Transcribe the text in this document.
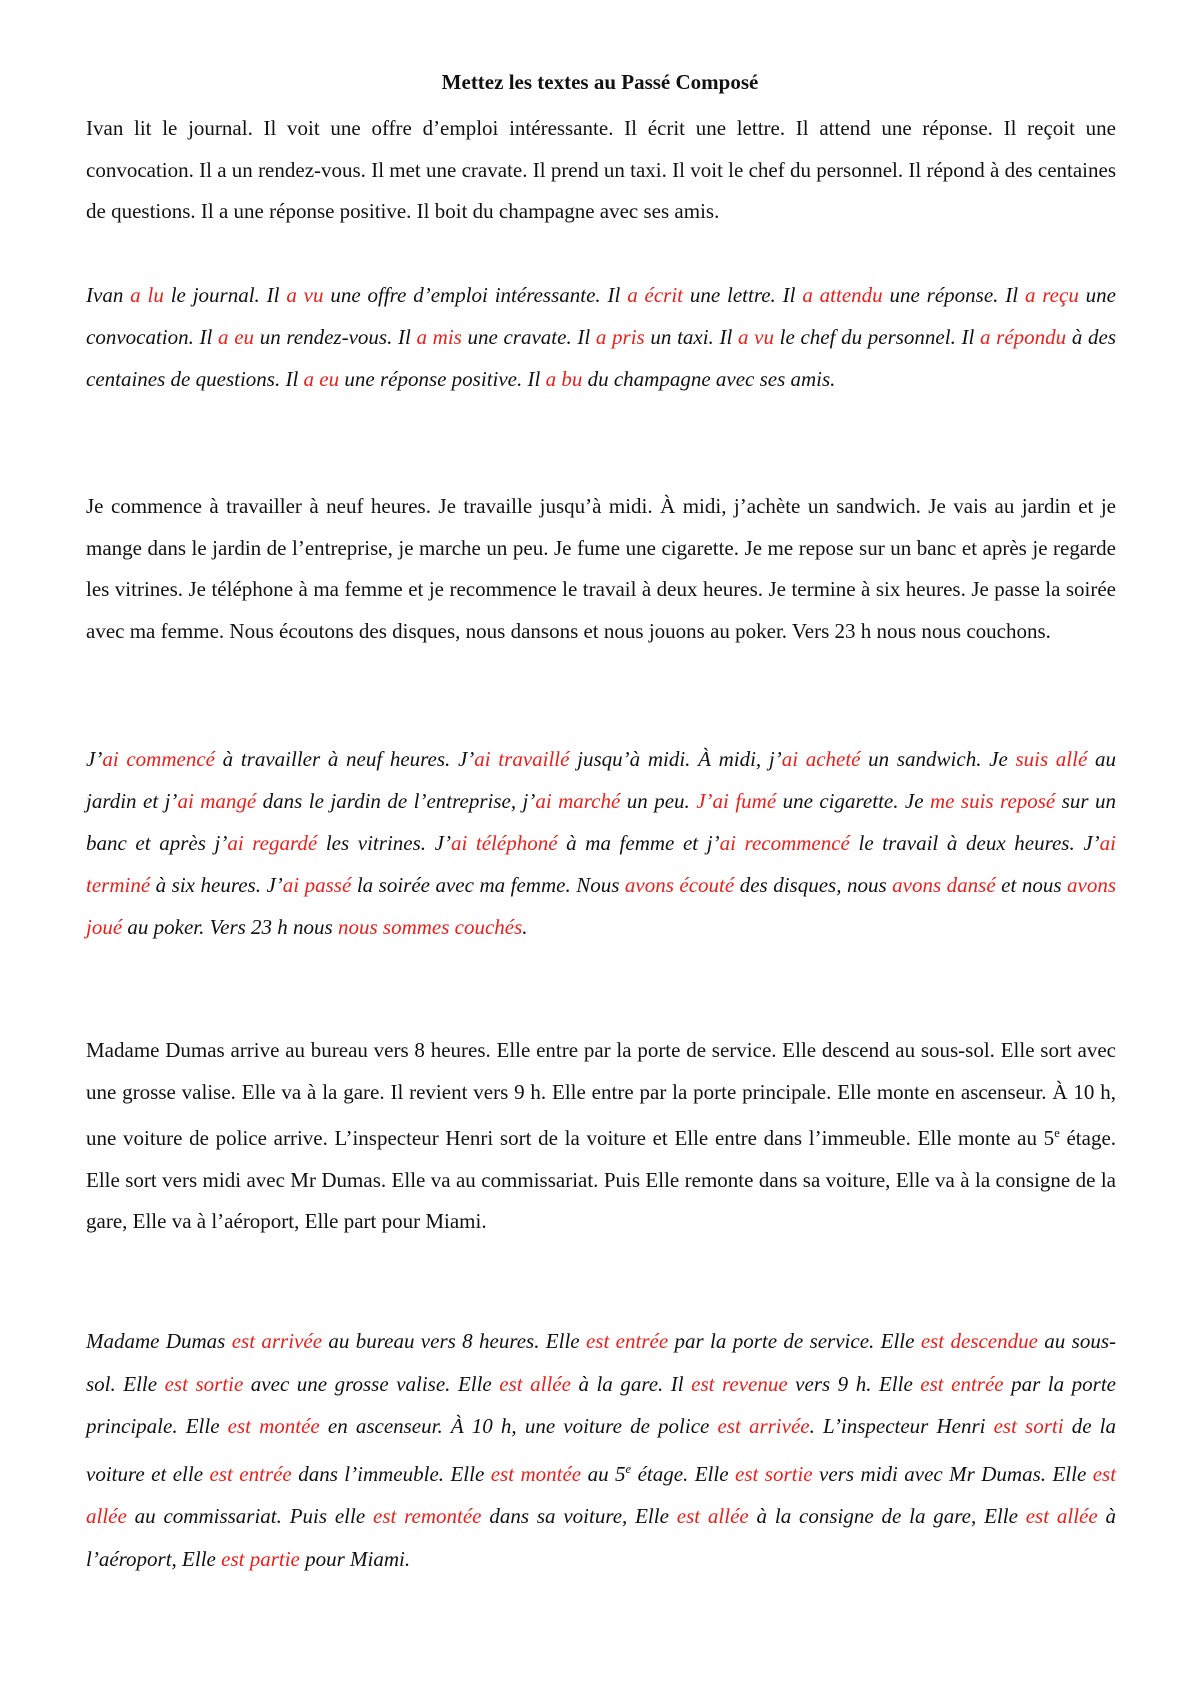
Mettez les textes au Passé Composé

Ivan lit le journal. Il voit une offre d’emploi intéressante. Il écrit une lettre. Il attend une réponse. Il reçoit une convocation. Il a un rendez-vous. Il met une cravate. Il prend un taxi. Il voit le chef du personnel. Il répond à des centaines de questions. Il a une réponse positive. Il boit du champagne avec ses amis.

Ivan a lu le journal. Il a vu une offre d’emploi intéressante. Il a écrit une lettre. Il a attendu une réponse. Il a reçu une convocation. Il a eu un rendez-vous. Il a mis une cravate. Il a pris un taxi. Il a vu le chef du personnel. Il a répondu à des centaines de questions. Il a eu une réponse positive. Il a bu du champagne avec ses amis.

Je commence à travailler à neuf heures. Je travaille jusqu’à midi. À midi, j’achète un sandwich. Je vais au jardin et je mange dans le jardin de l’entreprise, je marche un peu. Je fume une cigarette. Je me repose sur un banc et après je regarde les vitrines. Je téléphone à ma femme et je recommence le travail à deux heures. Je termine à six heures. Je passe la soirée avec ma femme. Nous écoutons des disques, nous dansons et nous jouons au poker. Vers 23 h nous nous couchons.

J’ai commencé à travailler à neuf heures. J’ai travaillé jusqu’à midi. À midi, j’ai acheté un sandwich. Je suis allé au jardin et j’ai mangé dans le jardin de l’entreprise, j’ai marché un peu. J’ai fumé une cigarette. Je me suis reposé sur un banc et après j’ai regardé les vitrines. J’ai téléphoné à ma femme et j’ai recommencé le travail à deux heures. J’ai terminé à six heures. J’ai passé la soirée avec ma femme. Nous avons écouté des disques, nous avons dansé et nous avons joué au poker. Vers 23 h nous nous sommes couchés.

Madame Dumas arrive au bureau vers 8 heures. Elle entre par la porte de service. Elle descend au sous-sol. Elle sort avec une grosse valise. Elle va à la gare. Il revient vers 9 h. Elle entre par la porte principale. Elle monte en ascenseur. À 10 h, une voiture de police arrive. L’inspecteur Henri sort de la voiture et Elle entre dans l’immeuble. Elle monte au 5e étage. Elle sort vers midi avec Mr Dumas. Elle va au commissariat. Puis Elle remonte dans sa voiture, Elle va à la consigne de la gare, Elle va à l’aéroport, Elle part pour Miami.

Madame Dumas est arrivée au bureau vers 8 heures. Elle est entrée par la porte de service. Elle est descendue au sous-sol. Elle est sortie avec une grosse valise. Elle est allée à la gare. Il est revenue vers 9 h. Elle est entrée par la porte principale. Elle est montée en ascenseur. À 10 h, une voiture de police est arrivée. L’inspecteur Henri est sorti de la voiture et elle est entrée dans l’immeuble. Elle est montée au 5e étage. Elle est sortie vers midi avec Mr Dumas. Elle est allée au commissariat. Puis elle est remontée dans sa voiture, Elle est allée à la consigne de la gare, Elle est allée à l’aéroport, Elle est partie pour Miami.
